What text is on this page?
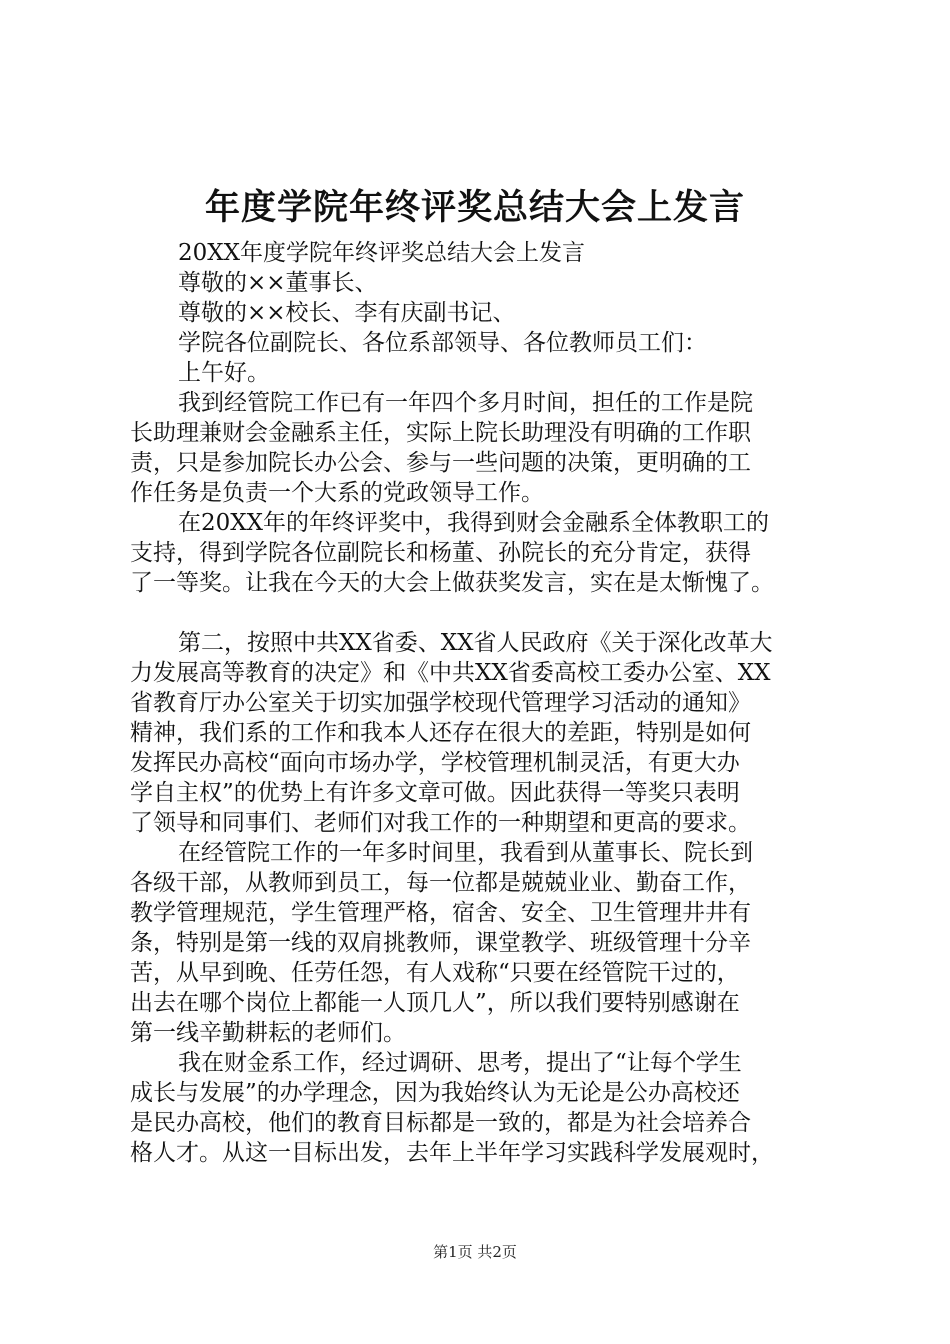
年度学院年终评奖总结大会上发言
20XX年度学院年终评奖总结大会上发言
尊敬的××董事长、
尊敬的××校长、李有庆副书记、
学院各位副院长、各位系部领导、各位教师员工们：
上午好。
我到经管院工作已有一年四个多月时间，担任的工作是院
长助理兼财会金融系主任，实际上院长助理没有明确的工作职
责，只是参加院长办公会、参与一些问题的决策，更明确的工
作任务是负责一个大系的党政领导工作。
在20XX年的年终评奖中，我得到财会金融系全体教职工的
支持，得到学院各位副院长和杨董、孙院长的充分肯定，获得
了一等奖。让我在今天的大会上做获奖发言，实在是太惭愧了。
第二，按照中共XX省委、XX省人民政府《关于深化改革大
力发展高等教育的决定》和《中共XX省委高校工委办公室、XX
省教育厅办公室关于切实加强学校现代管理学习活动的通知》
精神，我们系的工作和我本人还存在很大的差距，特别是如何
发挥民办高校“面向市场办学，学校管理机制灵活，有更大办
学自主权”的优势上有许多文章可做。因此获得一等奖只表明
了领导和同事们、老师们对我工作的一种期望和更高的要求。
在经管院工作的一年多时间里，我看到从董事长、院长到
各级干部，从教师到员工，每一位都是兢兢业业、勤奋工作，
教学管理规范，学生管理严格，宿舍、安全、卫生管理井井有
条，特别是第一线的双肩挑教师，课堂教学、班级管理十分辛
苦，从早到晚、任劳任怨，有人戏称“只要在经管院干过的，
出去在哪个岗位上都能一人顶几人”，所以我们要特别感谢在
第一线辛勤耕耘的老师们。
我在财金系工作，经过调研、思考，提出了“让每个学生
成长与发展”的办学理念，因为我始终认为无论是公办高校还
是民办高校，他们的教育目标都是一致的，都是为社会培养合
格人才。从这一目标出发，去年上半年学习实践科学发展观时，
第1页 共2页
